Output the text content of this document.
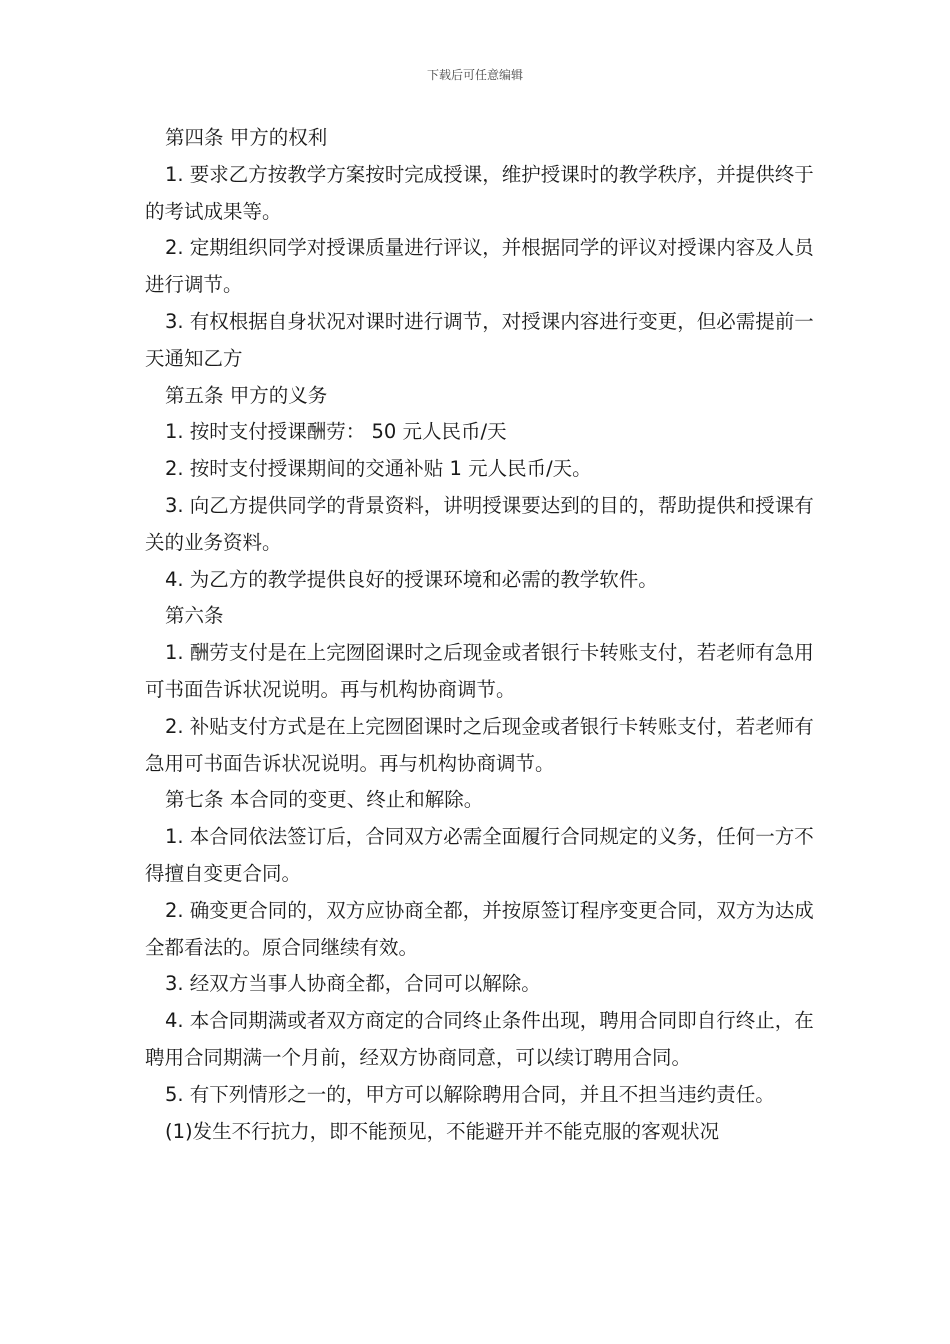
下载后可任意编辑

第四条 甲方的权利

1. 要求乙方按教学方案按时完成授课，维护授课时的教学秩序，并提供终于的考试成果等。

2. 定期组织同学对授课质量进行评议，并根据同学的评议对授课内容及人员进行调节。

3. 有权根据自身状况对课时进行调节，对授课内容进行变更，但必需提前一天通知乙方

第五条 甲方的义务

1. 按时支付授课酬劳： 50 元人民币/天

2. 按时支付授课期间的交通补贴 1 元人民币/天。

3. 向乙方提供同学的背景资料，讲明授课要达到的目的，帮助提供和授课有关的业务资料。

4. 为乙方的教学提供良好的授课环境和必需的教学软件。

第六条

1. 酬劳支付是在上完囫囵课时之后现金或者银行卡转账支付，若老师有急用可书面告诉状况说明。再与机构协商调节。

2. 补贴支付方式是在上完囫囵课时之后现金或者银行卡转账支付，若老师有急用可书面告诉状况说明。再与机构协商调节。

第七条 本合同的变更、终止和解除。

1. 本合同依法签订后，合同双方必需全面履行合同规定的义务，任何一方不得擅自变更合同。

2. 确变更合同的，双方应协商全都，并按原签订程序变更合同，双方为达成全都看法的。原合同继续有效。

3. 经双方当事人协商全都，合同可以解除。

4. 本合同期满或者双方商定的合同终止条件出现，聘用合同即自行终止，在聘用合同期满一个月前，经双方协商同意，可以续订聘用合同。

5. 有下列情形之一的，甲方可以解除聘用合同，并且不担当违约责任。

(1)发生不行抗力，即不能预见，不能避开并不能克服的客观状况
